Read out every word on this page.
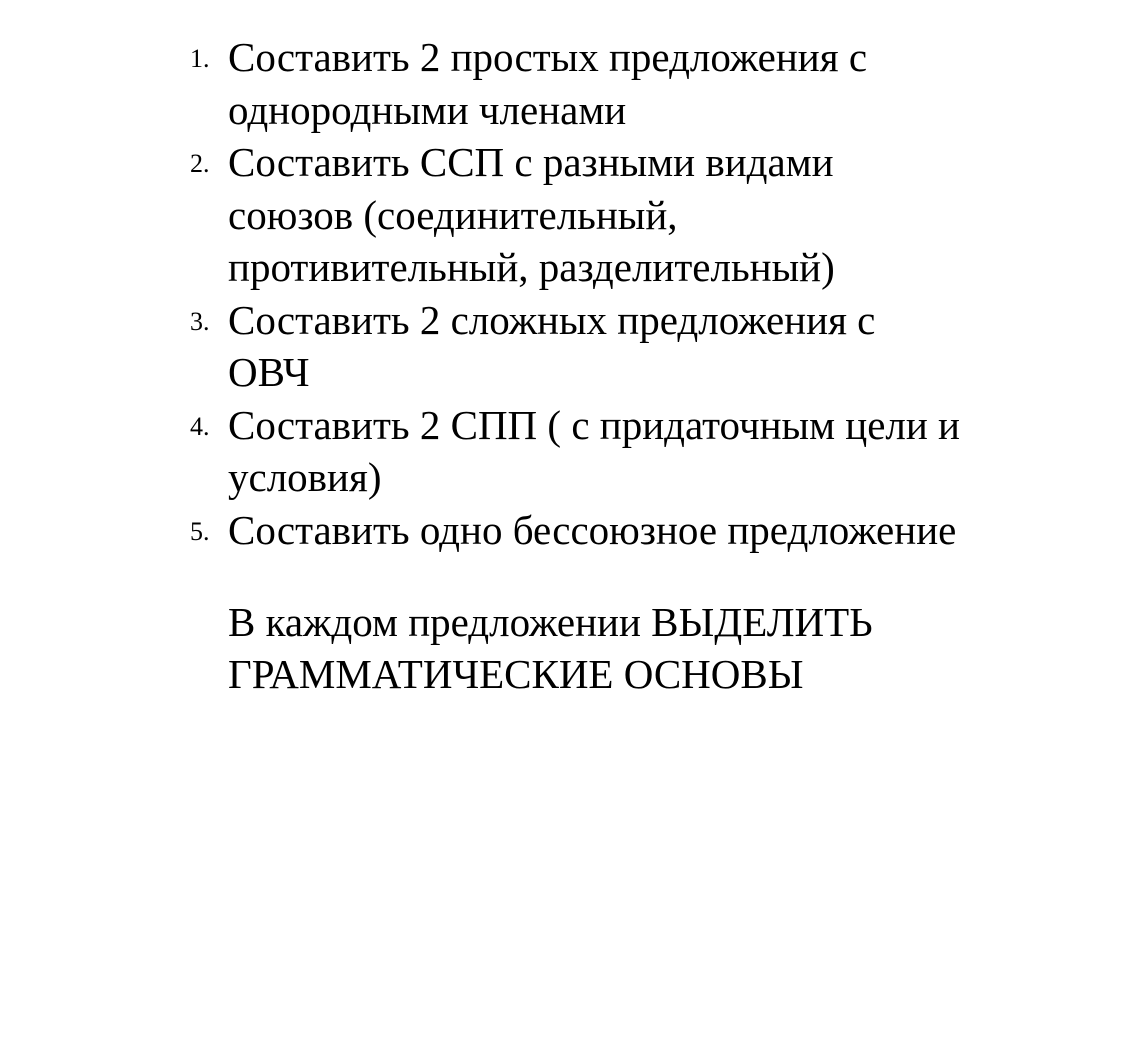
1. Составить 2 простых предложения с
однородными членами
2. Составить ССП с разными видами
союзов (соединительный,
противительный, разделительный)
3. Составить 2 сложных предложения с
ОВЧ
4. Составить 2 СПП ( с придаточным цели и
условия)
5. Составить одно бессоюзное предложение

В каждом предложении ВЫДЕЛИТЬ
ГРАММАТИЧЕСКИЕ ОСНОВЫ
